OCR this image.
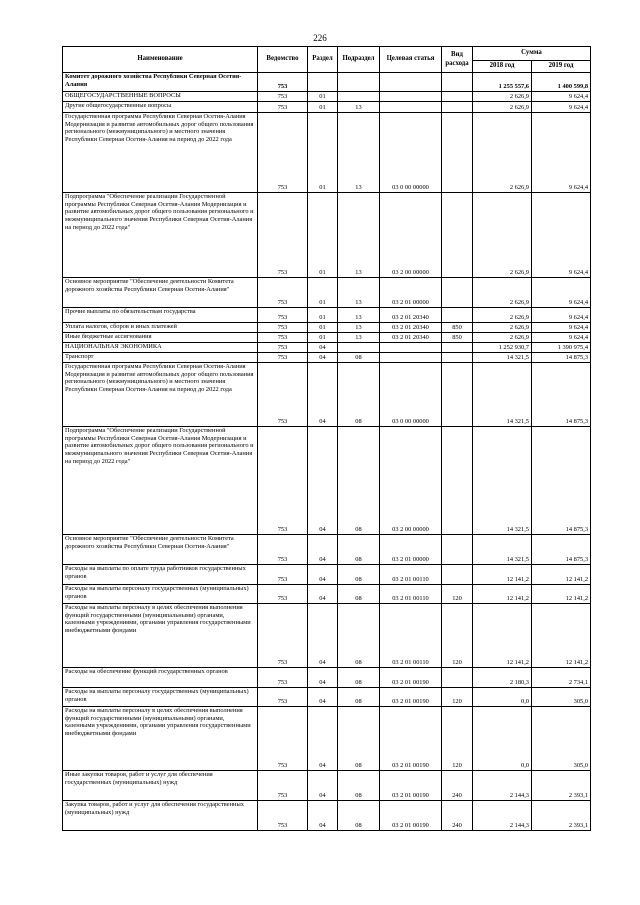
226
Наименование	Ведомство	Раздел	Подраздел	Целевая статья	Вид расхода	Сумма	
						2018 год	2019 год
Комитет дорожного хозяйства Республики Северная Осетия-Алания	753					1 255 557,6	1 400 599,8
ОБЩЕГОСУДАРСТВЕННЫЕ ВОПРОСЫ	753	01				2 626,9	9 624,4
Другие общегосударственные вопросы	753	01	13			2 626,9	9 624,4
Государственная программа Республики Северная Осетия-Алания Модернизация и развитие автомобильных дорог общего пользования регионального (межмуниципального) и местного значения Республики Северная Осетия-Алания на период до 2022 года	753	01	13	03 0 00 00000		2 626,9	9 624,4
Подпрограмма "Обеспечение реализации Государственной программы Республики Северная Осетия-Алания Модернизация и развитие автомобильных дорог общего пользования регионального и межмуниципального значения Республики Северная Осетия-Алания на период до 2022 года"	753	01	13	03 2 00 00000		2 626,9	9 624,4
Основное мероприятие "Обеспечение деятельности Комитета дорожного хозяйства Республики Северная Осетия-Алания"	753	01	13	03 2 01 00000		2 626,9	9 624,4
Прочие выплаты по обязательствам государства	753	01	13	03 2 01 20340		2 626,9	9 624,4
Уплата налогов, сборов и иных платежей	753	01	13	03 2 01 20340	850	2 626,9	9 624,4
Иные бюджетные ассигнования	753	01	13	03 2 01 20340	850	2 626,9	9 624,4
НАЦИОНАЛЬНАЯ ЭКОНОМИКА	753	04				1 252 930,7	1 390 975,4
Транспорт	753	04	08			14 321,5	14 875,3
Государственная программа Республики Северная Осетия-Алания Модернизация и развитие автомобильных дорог общего пользования регионального (межмуниципального) и местного значения Республики Северная Осетия-Алания на период до 2022 года	753	04	08	03 0 00 00000		14 321,5	14 875,3
Подпрограмма "Обеспечение реализации Государственной программы Республики Северная Осетия-Алания Модернизация и развитие автомобильных дорог общего пользования регионального и межмуниципального значения Республики Северная Осетия-Алания на период до 2022 года"	753	04	08	03 2 00 00000		14 321,5	14 875,3
Основное мероприятие "Обеспечение деятельности Комитета дорожного хозяйства Республики Северная Осетия-Алания"	753	04	08	03 2 01 00000		14 321,5	14 875,3
Расходы на выплаты по оплате труда работников государственных органов	753	04	08	03 2 01 00110		12 141,2	12 141,2
Расходы на выплаты персоналу государственных (муниципальных) органов	753	04	08	03 2 01 00110	120	12 141,2	12 141,2
Расходы на выплаты персоналу в целях обеспечения выполнения функций государственными (муниципальными) органами, казенными учреждениями, органами управления государственными внебюджетными фондами	753	04	08	03 2 01 00110	120	12 141,2	12 141,2
Расходы на обеспечение функций государственных органов	753	04	08	03 2 01 00190		2 180,3	2 734,1
Расходы на выплаты персоналу государственных (муниципальных) органов	753	04	08	03 2 01 00190	120	0,0	305,0
Расходы на выплаты персоналу в целях обеспечения выполнения функций государственными (муниципальными) органами, казенными учреждениями, органами управления государственными внебюджетными фондами	753	04	08	03 2 01 00190	120	0,0	305,0
Иные закупки товаров, работ и услуг для обеспечения государственных (муниципальных) нужд	753	04	08	03 2 01 00190	240	2 144,3	2 393,1
Закупка товаров, работ и услуг для обеспечения государственных (муниципальных) нужд	753	04	08	03 2 01 00190	240	2 144,3	2 393,1
